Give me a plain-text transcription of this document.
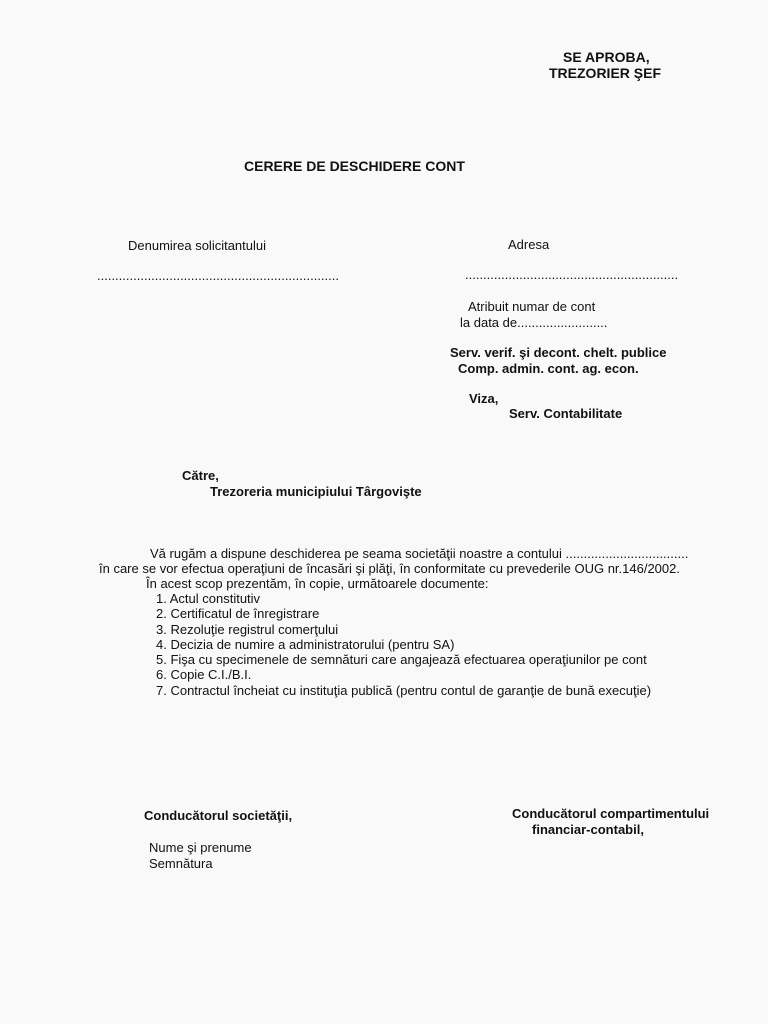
SE APROBA,
TREZORIER ŞEF
CERERE DE DESCHIDERE CONT
Denumirea solicitantului
...................................................................
Adresa
...........................................................
Atribuit numar de cont
la data de.........................
Serv. verif. şi decont. chelt. publice
Comp. admin. cont. ag. econ.
Viza,
Serv. Contabilitate
Către,
Trezoreria municipiului Târgovişte
Vă rugăm a dispune deschiderea pe seama societăţii noastre a contului ..................................
în care se vor efectua operaţiuni de încasări şi plăţi, în conformitate cu prevederile OUG nr.146/2002.
În acest scop prezentăm, în copie, următoarele documente:
1. Actul constitutiv
2. Certificatul de înregistrare
3. Rezoluţie registrul comerţului
4. Decizia de numire a administratorului (pentru SA)
5. Fişa cu specimenele de semnături care angajează efectuarea operaţiunilor pe cont
6. Copie C.I./B.I.
7. Contractul încheiat cu instituţia publică (pentru contul de garanţie de bună execuţie)
Conducătorul societăţii,
Nume şi prenume
Semnătura
Conducătorul compartimentului
financiar-contabil,
